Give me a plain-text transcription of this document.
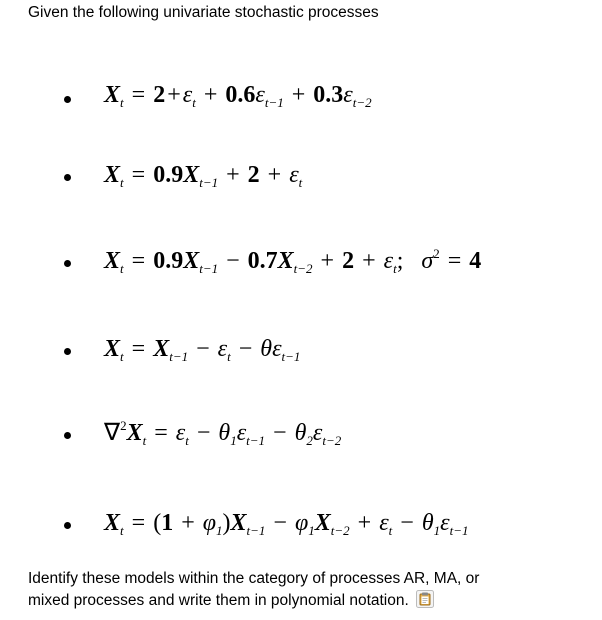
Given the following univariate stochastic processes
$X_t = 2+\varepsilon_t + 0.6\varepsilon_{t-1} + 0.3\varepsilon_{t-2}$
$X_t = 0.9X_{t-1} + 2 + \varepsilon_t$
$X_t = 0.9X_{t-1} - 0.7X_{t-2} + 2 + \varepsilon_t$;   $\sigma^2 = 4$
$X_t = X_{t-1} - \varepsilon_t - \theta\varepsilon_{t-1}$
$\nabla^2X_t = \varepsilon_t - \theta_1\varepsilon_{t-1} - \theta_2\varepsilon_{t-2}$
$X_t = (1 + \varphi_1)X_{t-1} - \varphi_1X_{t-2} + \varepsilon_t - \theta_1\varepsilon_{t-1}$
Identify these models within the category of processes AR, MA, or
mixed processes and write them in polynomial notation.
